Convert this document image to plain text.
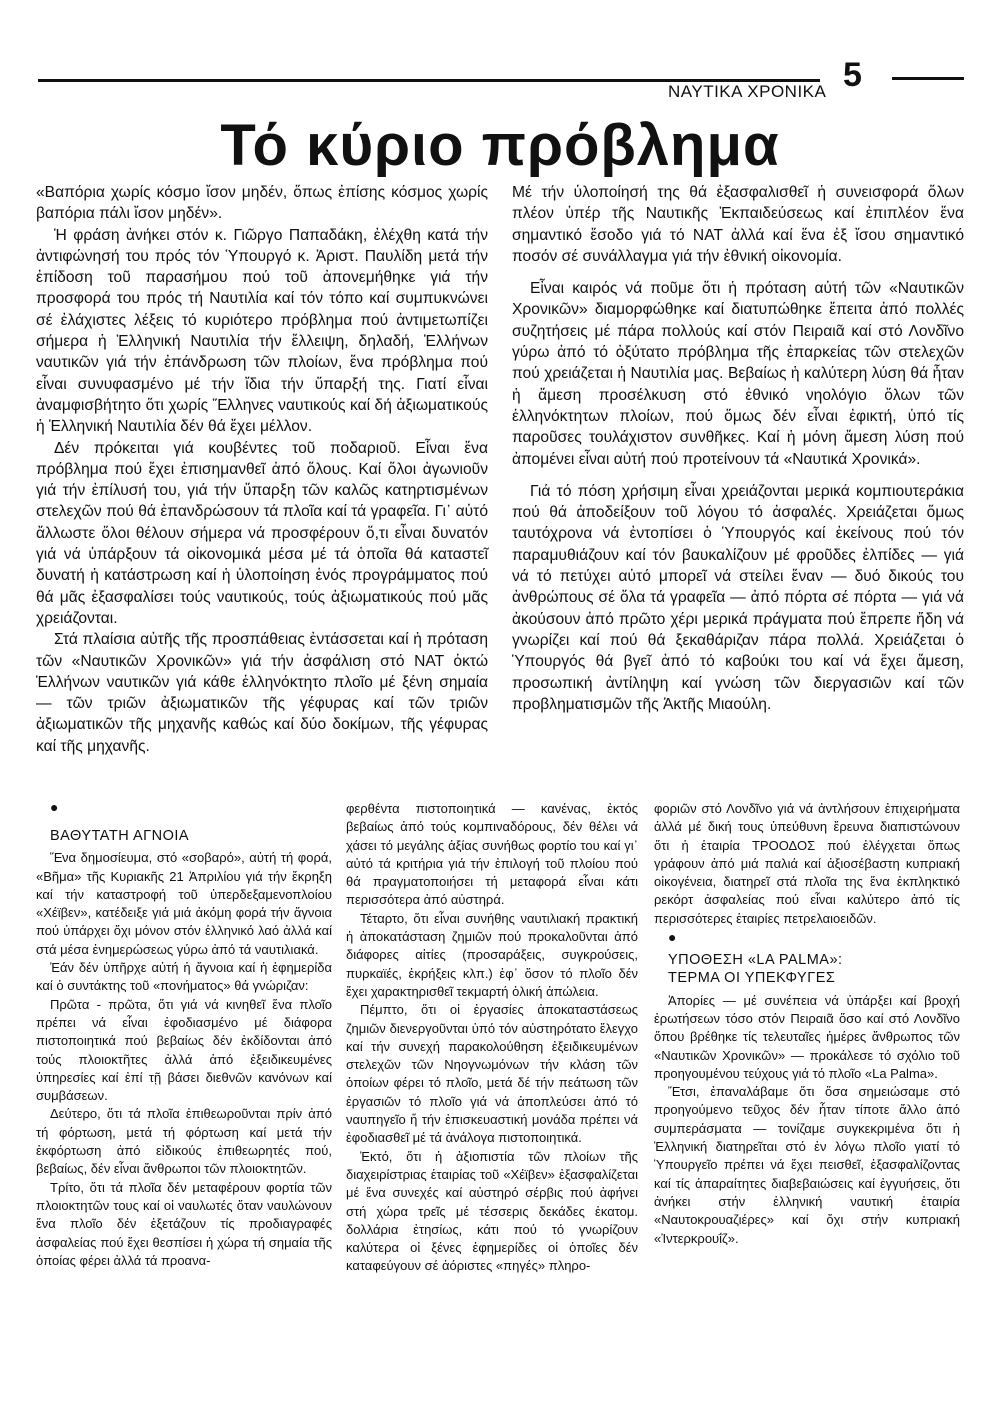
ΝΑΥΤΙΚΑ ΧΡΟΝΙΚΑ 5
Τό κύριο πρόβλημα

«Βαπόρια χωρίς κόσμο ἴσον μηδέν, ὅπως ἐπίσης κόσμος χωρίς βαπόρια πάλι ἴσον μηδέν».

Ἡ φράση ἀνήκει στόν κ. Γιῶργο Παπαδάκη, ἐλέχθη κατά τήν ἀντιφώνησή του πρός τόν Ὑπουργό κ. Ἀριστ. Παυλίδη μετά τήν ἐπίδοση τοῦ παρασήμου πού τοῦ ἀπονεμήθηκε γιά τήν προσφορά του πρός τή Ναυτιλία καί τόν τόπο καί συμπυκνώνει σέ ἐλάχιστες λέξεις τό κυριότερο πρόβλημα πού ἀντιμετωπίζει σήμερα ἡ Ἑλληνική Ναυτιλία τήν ἔλλειψη, δηλαδή, Ἑλλήνων ναυτικῶν γιά τήν ἐπάνδρωση τῶν πλοίων, ἕνα πρόβλημα πού εἶναι συνυφασμένο μέ τήν ἴδια τήν ὕπαρξή της. Γιατί εἶναι ἀναμφισβήτητο ὅτι χωρίς Ἕλληνες ναυτικούς καί δή ἀξιωματικούς ἡ Ἑλληνική Ναυτιλία δέν θά ἔχει μέλλον.

Δέν πρόκειται γιά κουβέντες τοῦ ποδαριοῦ. Εἶναι ἕνα πρόβλημα πού ἔχει ἐπισημανθεῖ ἀπό ὅλους. Καί ὅλοι ἀγωνιοῦν γιά τήν ἐπίλυσή του, γιά τήν ὕπαρξη τῶν καλῶς κατηρτισμένων στελεχῶν πού θά ἐπανδρώσουν τά πλοῖα καί τά γραφεῖα. Γι᾽ αὐτό ἄλλωστε ὅλοι θέλουν σήμερα νά προσφέρουν ὅ,τι εἶναι δυνατόν γιά νά ὑπάρξουν τά οἰκονομικά μέσα μέ τά ὁποῖα θά καταστεῖ δυνατή ἡ κατάστρωση καί ἡ ὑλοποίηση ἑνός προγράμματος πού θά μᾶς ἐξασφαλίσει τούς ναυτικούς, τούς ἀξιωματικούς πού μᾶς χρειάζονται.

Στά πλαίσια αὐτῆς τῆς προσπάθειας ἐντάσσεται καί ἡ πρόταση τῶν «Ναυτικῶν Χρονικῶν» γιά τήν ἀσφάλιση στό ΝΑΤ ὀκτώ Ἑλλήνων ναυτικῶν γιά κάθε ἑλληνόκτητο πλοῖο μέ ξένη σημαία — τῶν τριῶν ἀξιωματικῶν τῆς γέφυρας καί τῶν τριῶν ἀξιωματικῶν τῆς μηχανῆς καθώς καί δύο δοκίμων, τῆς γέφυρας καί τῆς μηχανῆς.

Μέ τήν ὑλοποίησή της θά ἐξασφαλισθεῖ ἡ συνεισφορά ὅλων πλέον ὑπέρ τῆς Ναυτικῆς Ἐκπαιδεύσεως καί ἐπιπλέον ἕνα σημαντικό ἔσοδο γιά τό ΝΑΤ ἀλλά καί ἕνα ἐξ ἴσου σημαντικό ποσόν σέ συνάλλαγμα γιά τήν ἐθνική οἰκονομία.

Εἶναι καιρός νά ποῦμε ὅτι ἡ πρόταση αὐτή τῶν «Ναυτικῶν Χρονικῶν» διαμορφώθηκε καί διατυπώθηκε ἔπειτα ἀπό πολλές συζητήσεις μέ πάρα πολλούς καί στόν Πειραιᾶ καί στό Λονδῖνο γύρω ἀπό τό ὀξύτατο πρόβλημα τῆς ἐπαρκείας τῶν στελεχῶν πού χρειάζεται ἡ Ναυτιλία μας. Βεβαίως ἡ καλύτερη λύση θά ἦταν ἡ ἄμεση προσέλκυση στό ἐθνικό νηολόγιο ὅλων τῶν ἑλληνόκτητων πλοίων, πού ὅμως δέν εἶναι ἐφικτή, ὑπό τίς παροῦσες τουλάχιστον συνθῆκες. Καί ἡ μόνη ἄμεση λύση πού ἀπομένει εἶναι αὐτή πού προτείνουν τά «Ναυτικά Χρονικά».

Γιά τό πόση χρήσιμη εἶναι χρειάζονται μερικά κομπιουτεράκια πού θά ἀποδείξουν τοῦ λόγου τό ἀσφαλές. Χρειάζεται ὅμως ταυτόχρονα νά ἐντοπίσει ὁ Ὑπουργός καί ἐκείνους πού τόν παραμυθιάζουν καί τόν βαυκαλίζουν μέ φροῦδες ἐλπίδες — γιά νά τό πετύχει αὐτό μπορεῖ νά στείλει ἕναν — δυό δικούς του ἀνθρώπους σέ ὅλα τά γραφεῖα — ἀπό πόρτα σέ πόρτα — γιά νά ἀκούσουν ἀπό πρῶτο χέρι μερικά πράγματα πού ἔπρεπε ἤδη νά γνωρίζει καί πού θά ξεκαθάριζαν πάρα πολλά. Χρειάζεται ὁ Ὑπουργός θά βγεῖ ἀπό τό καβούκι του καί νά ἔχει ἄμεση, προσωπική ἀντίληψη καί γνώση τῶν διεργασιῶν καί τῶν προβληματισμῶν τῆς Ἀκτῆς Μιαούλη.

●

ΒΑΘΥΤΑΤΗ ΑΓΝΟΙΑ

Ἕνα δημοσίευμα, στό «σοβαρό», αὐτή τή φορά, «Βῆμα» τῆς Κυριακῆς 21 Ἀπριλίου γιά τήν ἔκρηξη καί τήν καταστροφή τοῦ ὑπερδεξαμενοπλοίου «Χέϊβεν», κατέδειξε γιά μιά ἀκόμη φορά τήν ἄγνοια πού ὑπάρχει ὄχι μόνον στόν ἑλληνικό λαό ἀλλά καί στά μέσα ἐνημερώσεως γύρω ἀπό τά ναυτιλιακά.

Ἐάν δέν ὑπῆρχε αὐτή ἡ ἄγνοια καί ἡ ἐφημερίδα καί ὁ συντάκτης τοῦ «πονήματος» θά γνώριζαν:

Πρῶτα - πρῶτα, ὅτι γιά νά κινηθεῖ ἕνα πλοῖο πρέπει νά εἶναι ἐφοδιασμένο μέ διάφορα πιστοποιητικά πού βεβαίως δέν ἐκδίδονται ἀπό τούς πλοιοκτῆτες ἀλλά ἀπό ἐξειδικευμένες ὑπηρεσίες καί ἐπί τῇ βάσει διεθνῶν κανόνων καί συμβάσεων.

Δεύτερο, ὅτι τά πλοῖα ἐπιθεωροῦνται πρίν ἀπό τή φόρτωση, μετά τή φόρτωση καί μετά τήν ἐκφόρτωση ἀπό εἰδικούς ἐπιθεωρητές πού, βεβαίως, δέν εἶναι ἄνθρωποι τῶν πλοιοκτητῶν.

Τρίτο, ὅτι τά πλοῖα δέν μεταφέρουν φορτία τῶν πλοιοκτητῶν τους καί οἱ ναυλωτές ὅταν ναυλώνουν ἕνα πλοῖο δέν ἐξετάζουν τίς προδιαγραφές ἀσφαλείας πού ἔχει θεσπίσει ἡ χώρα τή σημαία τῆς ὁποίας φέρει ἀλλά τά προανα-

φερθέντα πιστοποιητικά — κανένας, ἐκτός βεβαίως ἀπό τούς κομπιναδόρους, δέν θέλει νά χάσει τό μεγάλης ἀξίας συνήθως φορτίο του καί γι᾽ αὐτό τά κριτήρια γιά τήν ἐπιλογή τοῦ πλοίου πού θά πραγματοποιήσει τή μεταφορά εἶναι κάτι περισσότερα ἀπό αὐστηρά.

Τέταρτο, ὅτι εἶναι συνήθης ναυτιλιακή πρακτική ἡ ἀποκατάσταση ζημιῶν πού προκαλοῦνται ἀπό διάφορες αἰτίες (προσαράξεις, συγκρούσεις, πυρκαϊές, ἐκρήξεις κλπ.) ἐφ᾽ ὅσον τό πλοῖο δέν ἔχει χαρακτηρισθεῖ τεκμαρτή ὁλική ἀπώλεια.

Πέμπτο, ὅτι οἱ ἐργασίες ἀποκαταστάσεως ζημιῶν διενεργοῦνται ὑπό τόν αὐστηρότατο ἔλεγχο καί τήν συνεχή παρακολούθηση ἐξειδικευμένων στελεχῶν τῶν Νηογνωμόνων τήν κλάση τῶν ὁποίων φέρει τό πλοῖο, μετά δέ τήν πεάτωση τῶν ἐργασιῶν τό πλοῖο γιά νά ἀποπλεύσει ἀπό τό ναυπηγεῖο ἤ τήν ἐπισκευαστική μονάδα πρέπει νά ἐφοδιασθεῖ μέ τά ἀνάλογα πιστοποιητικά.

Ἐκτό, ὅτι ἡ ἀξιοπιστία τῶν πλοίων τῆς διαχειρίστριας ἑταιρίας τοῦ «Χέϊβεν» ἐξασφαλίζεται μέ ἕνα συνεχές καί αὐστηρό σέρβις πού ἀφήνει στή χώρα τρεῖς μέ τέσσερις δεκάδες ἑκατομ. δολλάρια ἐτησίως, κάτι πού τό γνωρίζουν καλύτερα οἱ ξένες ἐφημερίδες οἱ ὁποῖες δέν καταφεύγουν σέ ἀόριστες «πηγές» πληρο-

φοριῶν στό Λονδῖνο γιά νά ἀντλήσουν ἐπιχειρήματα ἀλλά μέ δική τους ὑπεύθυνη ἔρευνα διαπιστώνουν ὅτι ἡ ἑταιρία ΤΡΟΟΔΟΣ πού ἐλέγχεται ὅπως γράφουν ἀπό μιά παλιά καί ἀξιοσέβαστη κυπριακή οἰκογένεια, διατηρεῖ στά πλοῖα της ἕνα ἐκπληκτικό ρεκόρτ ἀσφαλείας πού εἶναι καλύτερο ἀπό τίς περισσότερες ἑταιρίες πετρελαιοειδῶν.

●

ΥΠΟΘΕΣΗ «LA PALMA»:

ΤΕΡΜΑ ΟΙ ΥΠΕΚΦΥΓΕΣ

Ἀπορίες — μέ συνέπεια νά ὑπάρξει καί βροχή ἐρωτήσεων τόσο στόν Πειραιᾶ ὅσο καί στό Λονδῖνο ὅπου βρέθηκε τίς τελευταῖες ἡμέρες ἄνθρωπος τῶν «Ναυτικῶν Χρονικῶν» — προκάλεσε τό σχόλιο τοῦ προηγουμένου τεύχους γιά τό πλοῖο «La Palma».

Ἔτσι, ἐπαναλάβαμε ὅτι ὅσα σημειώσαμε στό προηγούμενο τεῦχος δέν ἦταν τίποτε ἄλλο ἀπό συμπεράσματα — τονίζαμε συγκεκριμένα ὅτι ἡ Ἑλληνική διατηρεῖται στό ἐν λόγω πλοῖο γιατί τό Ὑπουργεῖο πρέπει νά ἔχει πεισθεῖ, ἐξασφαλίζοντας καί τίς ἀπαραίτητες διαβεβαιώσεις καί ἐγγυήσεις, ὅτι ἀνήκει στήν ἑλληνική ναυτική ἑταιρία «Ναυτοκρουαζιέρες» καί ὄχι στήν κυπριακή «Ἰντερκρουΐζ».
